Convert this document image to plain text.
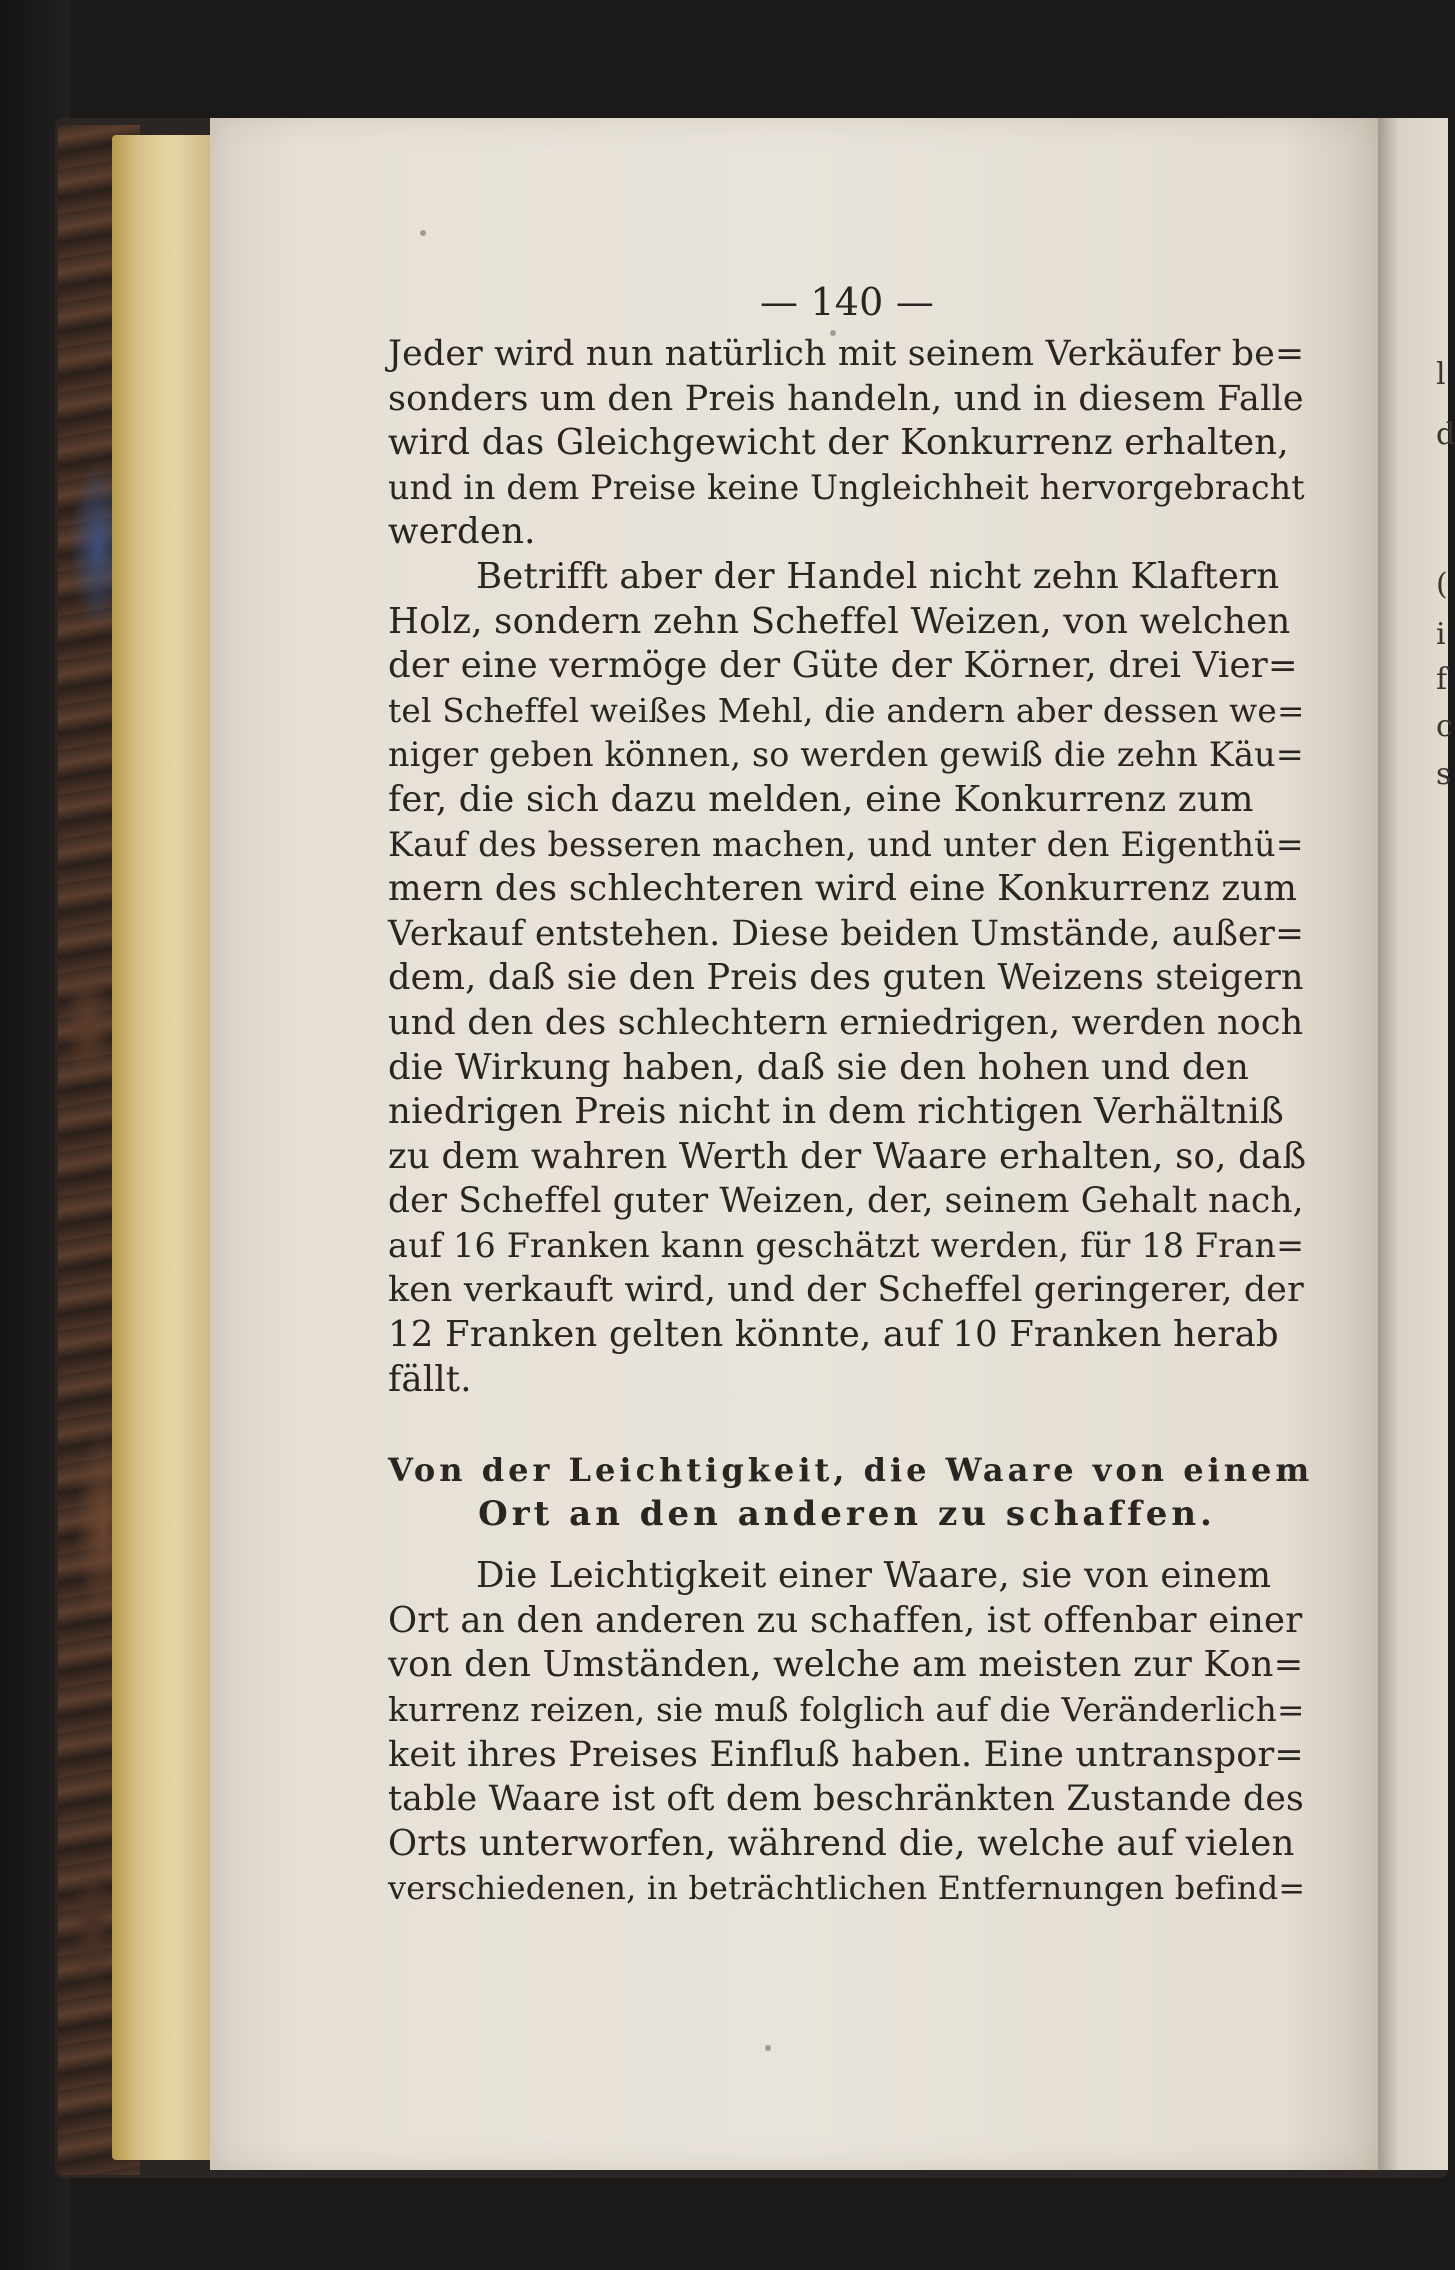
l
d
(
i
f
c
s
— 140 —

Jeder wird nun natürlich mit seinem Verkäufer be=
sonders um den Preis handeln, und in diesem Falle
wird das Gleichgewicht der Konkurrenz erhalten,
und in dem Preise keine Ungleichheit hervorgebracht
werden.

Betrifft aber der Handel nicht zehn Klaftern
Holz, sondern zehn Scheffel Weizen, von welchen
der eine vermöge der Güte der Körner, drei Vier=
tel Scheffel weißes Mehl, die andern aber dessen we=
niger geben können, so werden gewiß die zehn Käu=
fer, die sich dazu melden, eine Konkurrenz zum
Kauf des besseren machen, und unter den Eigenthü=
mern des schlechteren wird eine Konkurrenz zum
Verkauf entstehen. Diese beiden Umstände, außer=
dem, daß sie den Preis des guten Weizens steigern
und den des schlechtern erniedrigen, werden noch
die Wirkung haben, daß sie den hohen und den
niedrigen Preis nicht in dem richtigen Verhältniß
zu dem wahren Werth der Waare erhalten, so, daß
der Scheffel guter Weizen, der, seinem Gehalt nach,
auf 16 Franken kann geschätzt werden, für 18 Fran=
ken verkauft wird, und der Scheffel geringerer, der
12 Franken gelten könnte, auf 10 Franken herab
fällt.

Von der Leichtigkeit, die Waare von einem
Ort an den anderen zu schaffen.

Die Leichtigkeit einer Waare, sie von einem
Ort an den anderen zu schaffen, ist offenbar einer
von den Umständen, welche am meisten zur Kon=
kurrenz reizen, sie muß folglich auf die Veränderlich=
keit ihres Preises Einfluß haben. Eine untranspor=
table Waare ist oft dem beschränkten Zustande des
Orts unterworfen, während die, welche auf vielen
verschiedenen, in beträchtlichen Entfernungen befind=
